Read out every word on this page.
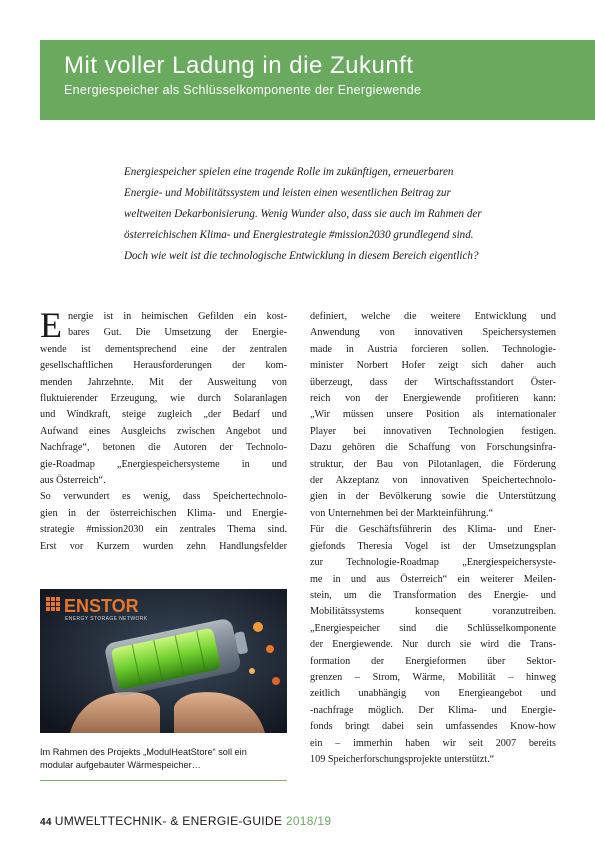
Mit voller Ladung in die Zukunft
Energiespeicher als Schlüsselkomponente der Energiewende
Energiespeicher spielen eine tragende Rolle im zukünftigen, erneuerbaren
Energie- und Mobilitätssystem und leisten einen wesentlichen Beitrag zur
weltweiten Dekarbonisierung. Wenig Wunder also, dass sie auch im Rahmen der
österreichischen Klima- und Energiestrategie #mission2030 grundlegend sind.
Doch wie weit ist die technologische Entwicklung in diesem Bereich eigentlich?
E nergie ist in heimischen Gefilden ein kost-
bares Gut. Die Umsetzung der Energie-
wende ist dementsprechend eine der zentralen
gesellschaftlichen Herausforderungen der kom-
menden Jahrzehnte. Mit der Ausweitung von
fluktuierender Erzeugung, wie durch Solaranlagen
und Windkraft, steige zugleich „der Bedarf und
Aufwand eines Ausgleichs zwischen Angebot und
Nachfrage“, betonen die Autoren der Technolo-
gie-Roadmap „Energiespeichersysteme in und
aus Österreich“.
So verwundert es wenig, dass Speichertechnolo-
gien in der österreichischen Klima- und Energie-
strategie #mission2030 ein zentrales Thema sind.
Erst vor Kurzem wurden zehn Handlungsfelder
ENSTOR
ENERGY STORAGE NETWORK
Im Rahmen des Projekts „ModulHeatStore“ soll ein
modular aufgebauter Wärmespeicher…
definiert, welche die weitere Entwicklung und
Anwendung von innovativen Speichersystemen
made in Austria forcieren sollen. Technologie-
minister Norbert Hofer zeigt sich daher auch
überzeugt, dass der Wirtschaftsstandort Öster-
reich von der Energiewende profitieren kann:
„Wir müssen unsere Position als internationaler
Player bei innovativen Technologien festigen.
Dazu gehören die Schaffung von Forschungsinfra-
struktur, der Bau von Pilotanlagen, die Förderung
der Akzeptanz von innovativen Speichertechnolo-
gien in der Bevölkerung sowie die Unterstützung
von Unternehmen bei der Markteinführung.“
Für die Geschäftsführerin des Klima- und Ener-
giefonds Theresia Vogel ist der Umsetzungsplan
zur Technologie-Roadmap „Energiespeichersyste-
me in und aus Österreich“ ein weiterer Meilen-
stein, um die Transformation des Energie- und
Mobilitätssystems konsequent voranzutreiben.
„Energiespeicher sind die Schlüsselkomponente
der Energiewende. Nur durch sie wird die Trans-
formation der Energieformen über Sektor-
grenzen – Strom, Wärme, Mobilität – hinweg
zeitlich unabhängig von Energieangebot und
-nachfrage möglich. Der Klima- und Energie-
fonds bringt dabei sein umfassendes Know-how
ein – immerhin haben wir seit 2007 bereits
109 Speicherforschungsprojekte unterstützt.“
44 UMWELTTECHNIK- & ENERGIE-GUIDE 2018/19
